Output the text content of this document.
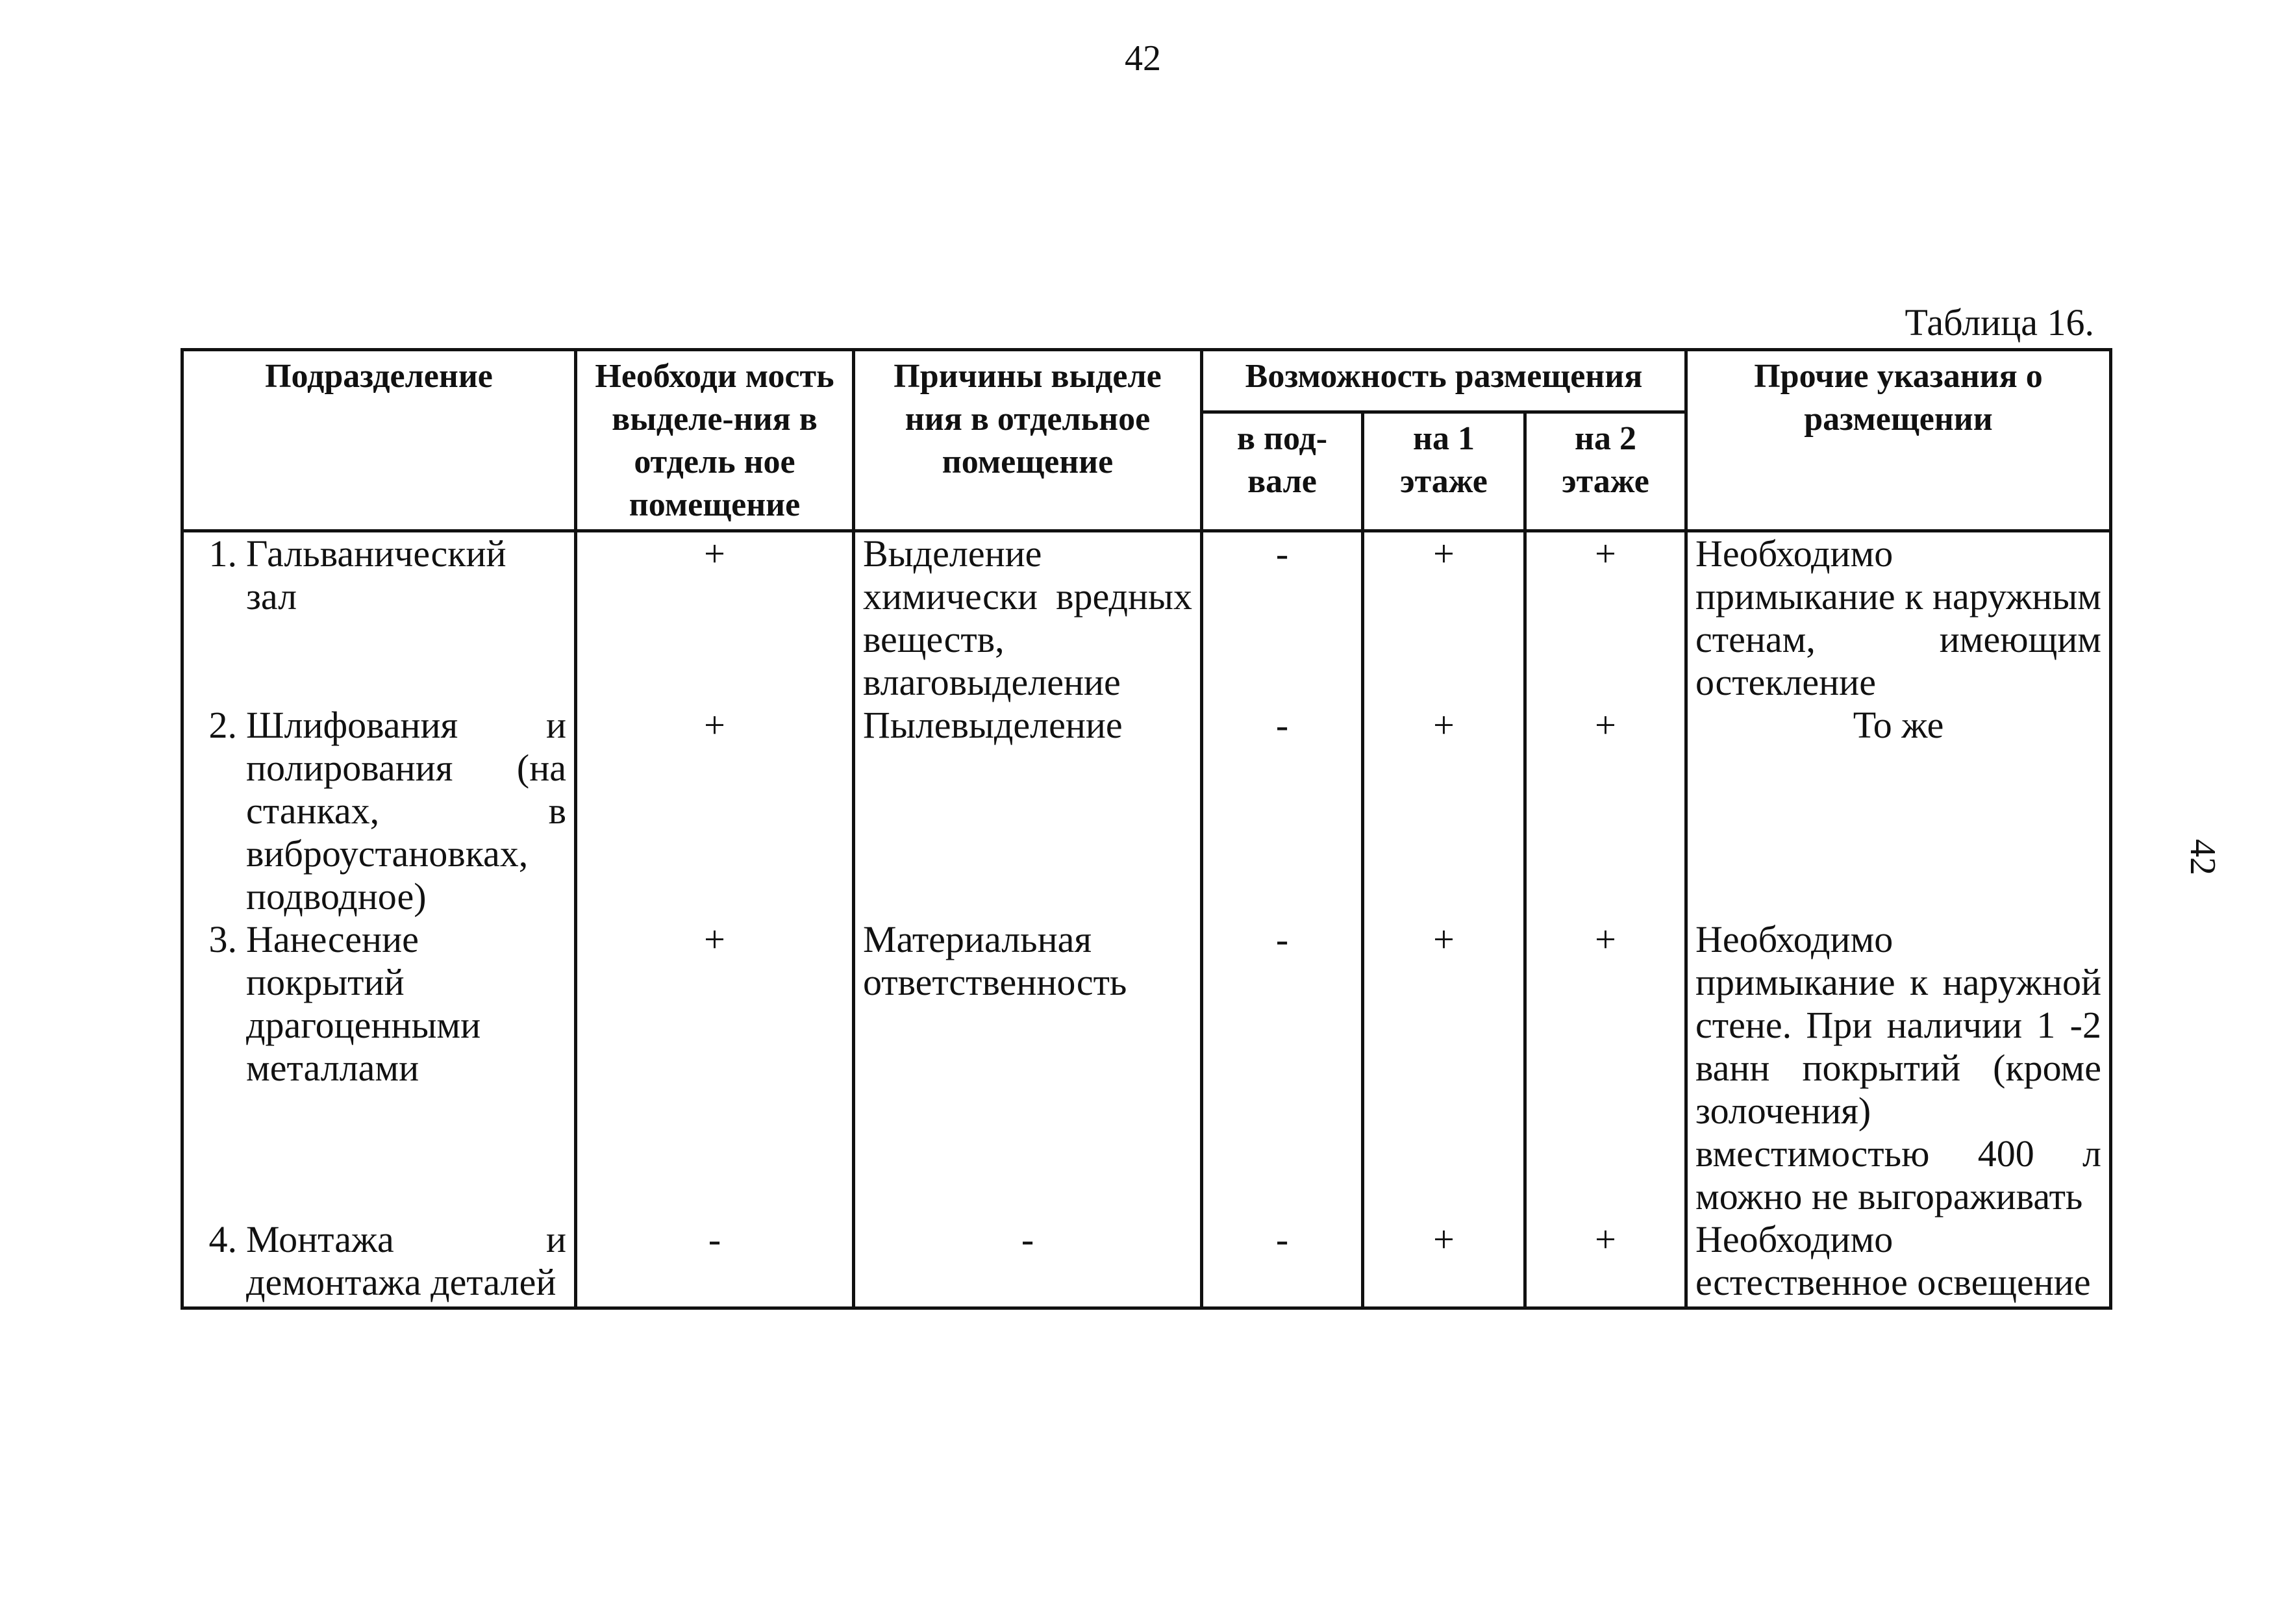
42
Таблица 16.
Подразделение	Необходи мость выделе-ния в отдель ное помещение	Причины выделе ния в отдельное помещение	Возможность размещения			Прочие указания о размещении
			в под-вале	на 1 этаже	на 2 этаже	

1. Гальванический зал	+	Выделение химически вредных веществ, влаговыделение	-	+	+	Необходимо примыкание к наружным стенам, имеющим остекление

2. Шлифования и полирования (на станках, в виброустановках, подводное)	+	Пылевыделение	-	+	+	То же

3. Нанесение покрытий драгоценными металлами	+	Материальная ответственность	-	+	+	Необходимо примыкание к наружной стене. При наличии 1 -2 ванн покрытий (кроме золочения) вместимостью 400 л можно не выгораживать

4. Монтажа и демонтажа деталей	-	-	-	+	+	Необходимо естественное освещение
42
